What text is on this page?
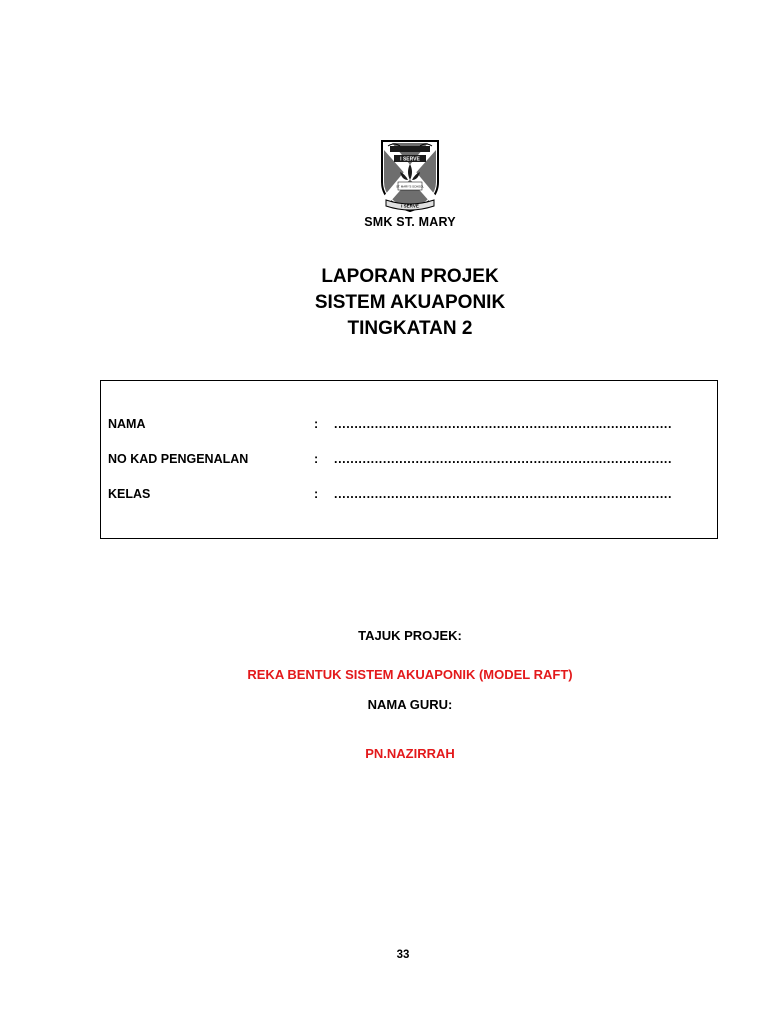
I SERVE
ST. MARY'S SCHOOL
I SERVE
SMK ST. MARY
LAPORAN PROJEK
SISTEM AKUAPONIK
TINGKATAN 2
NAMA	: ...................................................................................
NO KAD PENGENALAN	: ...................................................................................
KELAS	: ...................................................................................
TAJUK PROJEK:
REKA BENTUK SISTEM AKUAPONIK (MODEL RAFT)
NAMA GURU:
PN.NAZIRRAH
33
